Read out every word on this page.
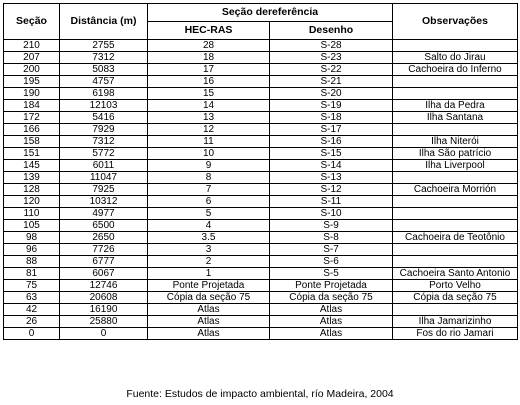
Seção	Distância (m)	Seção dereferência		Observações
		HEC-RAS	Desenho	
210	2755	28	S-28	
207	7312	18	S-23	Salto do Jirau
200	5083	17	S-22	Cachoeira do Inferno
195	4757	16	S-21	
190	6198	15	S-20	
184	12103	14	S-19	Ilha da Pedra
172	5416	13	S-18	Ilha Santana
166	7929	12	S-17	
158	7312	11	S-16	Ilha Niterói
151	5772	10	S-15	Ilha São patrício
145	6011	9	S-14	Ilha Liverpool
139	11047	8	S-13	
128	7925	7	S-12	Cachoeira Morrión
120	10312	6	S-11	
110	4977	5	S-10	
105	6500	4	S-9	
98	2650	3.5	S-8	Cachoeira de Teotônio
96	7726	3	S-7	
88	6777	2	S-6	
81	6067	1	S-5	Cachoeira Santo Antonio
75	12746	Ponte Projetada	Ponte Projetada	Porto Velho
63	20608	Cópia da seção 75	Cópia da seção 75	Cópia da seção 75
42	16190	Atlas	Atlas	
26	25880	Atlas	Atlas	Ilha Jamarizinho
0	0	Atlas	Atlas	Fos do rio Jamari
Fuente: Estudos de impacto ambiental, río Madeira, 2004
